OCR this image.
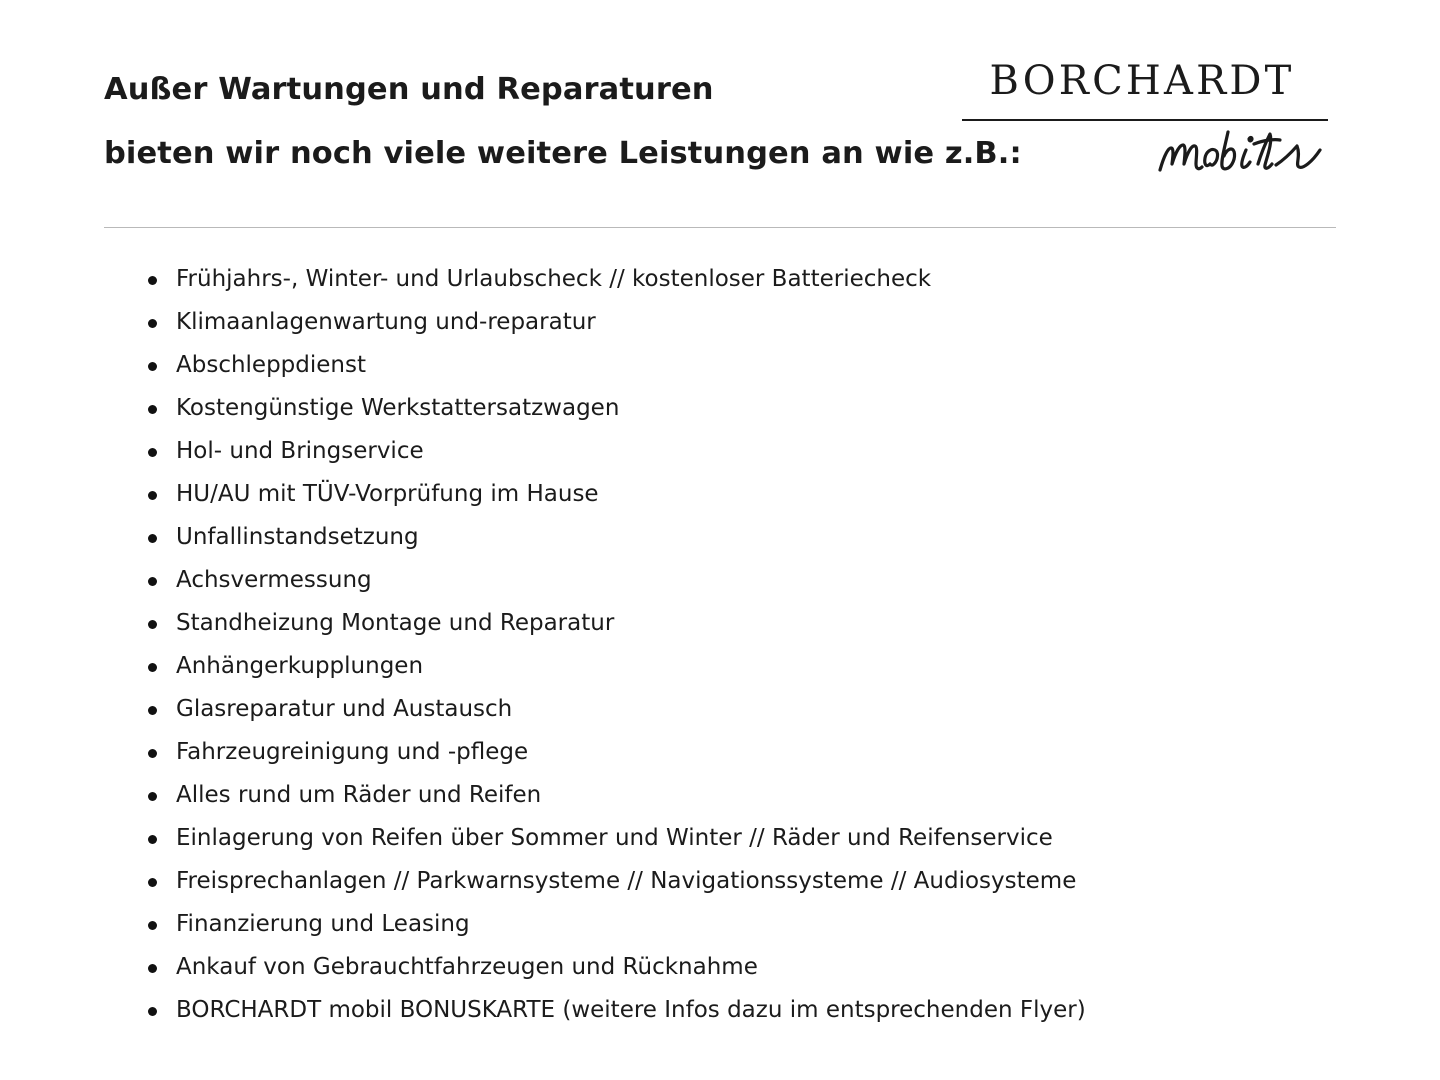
Außer Wartungen und Reparaturen
bieten wir noch viele weitere Leistungen an wie z.B.:
BORCHARDT
Frühjahrs-, Winter- und Urlaubscheck // kostenloser Batteriecheck
Klimaanlagenwartung und-reparatur
Abschleppdienst
Kostengünstige Werkstattersatzwagen
Hol- und Bringservice
HU/AU mit TÜV-Vorprüfung im Hause
Unfallinstandsetzung
Achsvermessung
Standheizung Montage und Reparatur
Anhängerkupplungen
Glasreparatur und Austausch
Fahrzeugreinigung und -pflege
Alles rund um Räder und Reifen
Einlagerung von Reifen über Sommer und Winter // Räder und Reifenservice
Freisprechanlagen // Parkwarnsysteme // Navigationssysteme // Audiosysteme
Finanzierung und Leasing
Ankauf von Gebrauchtfahrzeugen und Rücknahme
BORCHARDT mobil BONUSKARTE (weitere Infos dazu im entsprechenden Flyer)
